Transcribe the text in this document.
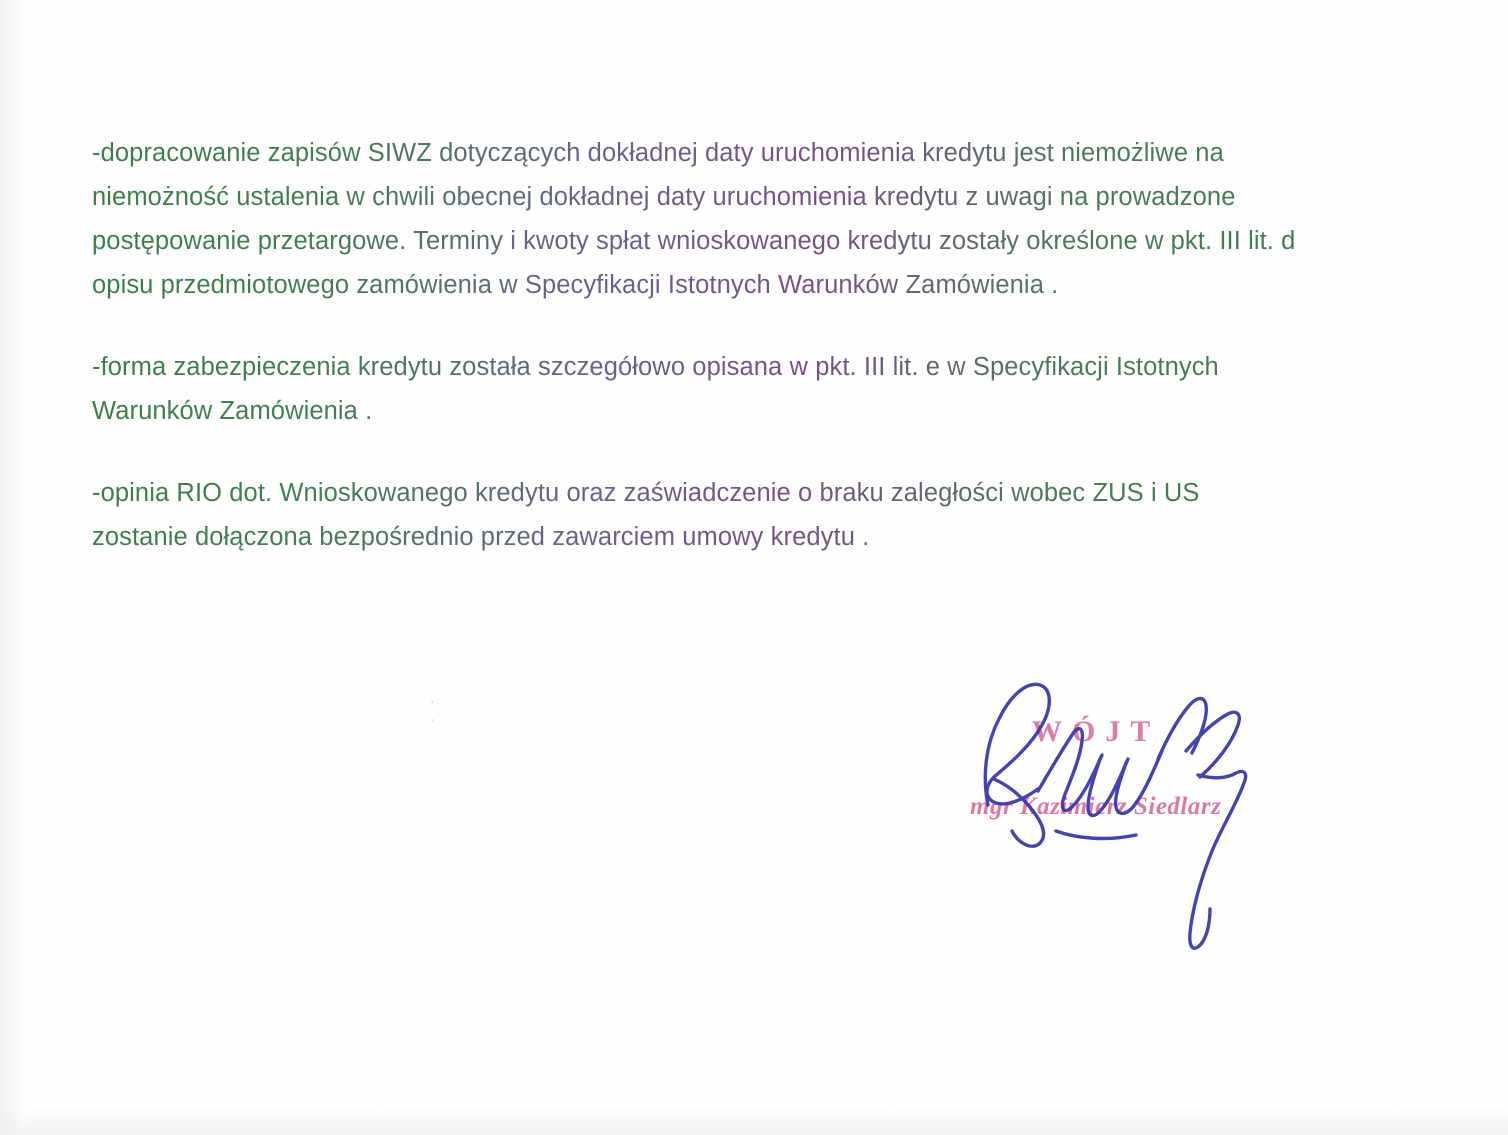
-dopracowanie zapisów SIWZ dotyczących dokładnej daty uruchomienia kredytu jest niemożliwe na niemożność ustalenia w chwili obecnej dokładnej daty uruchomienia kredytu z uwagi na prowadzone postępowanie przetargowe. Terminy i kwoty spłat wnioskowanego kredytu zostały określone w pkt. III lit. d opisu przedmiotowego zamówienia w Specyfikacji Istotnych Warunków Zamówienia .

-forma zabezpieczenia kredytu została szczegółowo opisana w pkt. III lit. e w Specyfikacji Istotnych Warunków Zamówienia .

-opinia RIO dot. Wnioskowanego kredytu oraz zaświadczenie o braku zaległości wobec ZUS i US zostanie dołączona bezpośrednio przed zawarciem umowy kredytu .

. .	WÓJT
mgr Kazimierz Siedlarz
